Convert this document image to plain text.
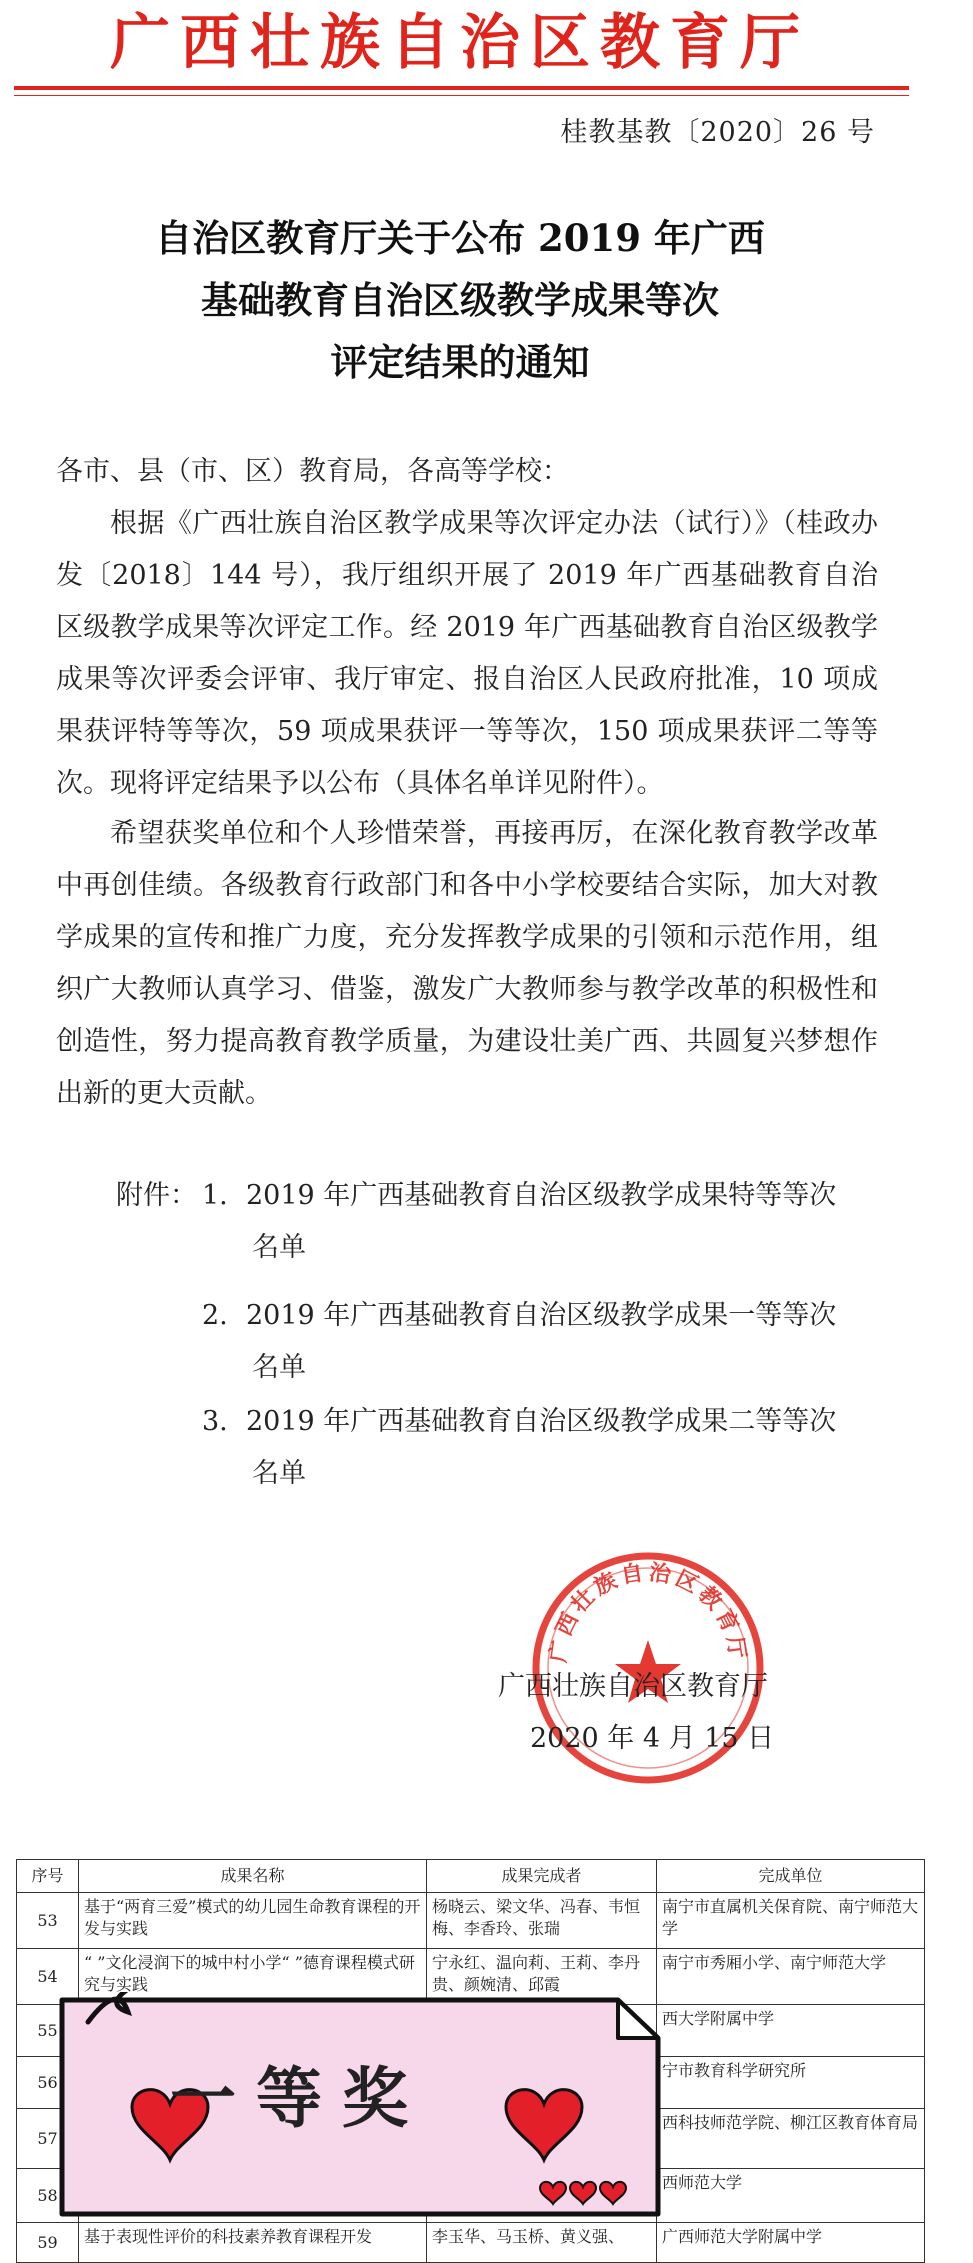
广西壮族自治区教育厅
桂教基教〔2020〕26 号
自治区教育厅关于公布 2019 年广西
基础教育自治区级教学成果等次
评定结果的通知
各市、县（市、区）教育局，各高等学校：
根据《广西壮族自治区教学成果等次评定办法（试行）》（桂政办发〔2018〕144 号），我厅组织开展了 2019 年广西基础教育自治区级教学成果等次评定工作。经 2019 年广西基础教育自治区级教学成果等次评委会评审、我厅审定、报自治区人民政府批准，10 项成果获评特等等次，59 项成果获评一等等次，150 项成果获评二等等次。现将评定结果予以公布（具体名单详见附件）。
希望获奖单位和个人珍惜荣誉，再接再厉，在深化教育教学改革中再创佳绩。各级教育行政部门和各中小学校要结合实际，加大对教学成果的宣传和推广力度，充分发挥教学成果的引领和示范作用，组织广大教师认真学习、借鉴，激发广大教师参与教学改革的积极性和创造性，努力提高教育教学质量，为建设壮美广西、共圆复兴梦想作出新的更大贡献。
附件： 1. 2019 年广西基础教育自治区级教学成果特等等次
名单
2. 2019 年广西基础教育自治区级教学成果一等等次
名单
3. 2019 年广西基础教育自治区级教学成果二等等次
名单
广西壮族自治区教育厅
广西壮族自治区教育厅
2020 年 4 月 15 日
序号	成果名称	成果完成者	完成单位
53	基于“两育三爱”模式的幼儿园生命教育课程的开发与实践	杨晓云、梁文华、冯春、韦恒梅、李香玲、张瑞	南宁市直属机关保育院、南宁师范大学
54	“ ”文化浸润下的城中村小学“ ”德育课程模式研究与实践	宁永红、温向莉、王莉、李丹贵、颜婉清、邱霞	南宁市秀厢小学、南宁师范大学
55			西大学附属中学
56			宁市教育科学研究所
57			西科技师范学院、柳江区教育体育局
58			西师范大学
59	基于表现性评价的科技素养教育课程开发	李玉华、马玉桥、黄义强、	广西师范大学附属中学
一等奖
